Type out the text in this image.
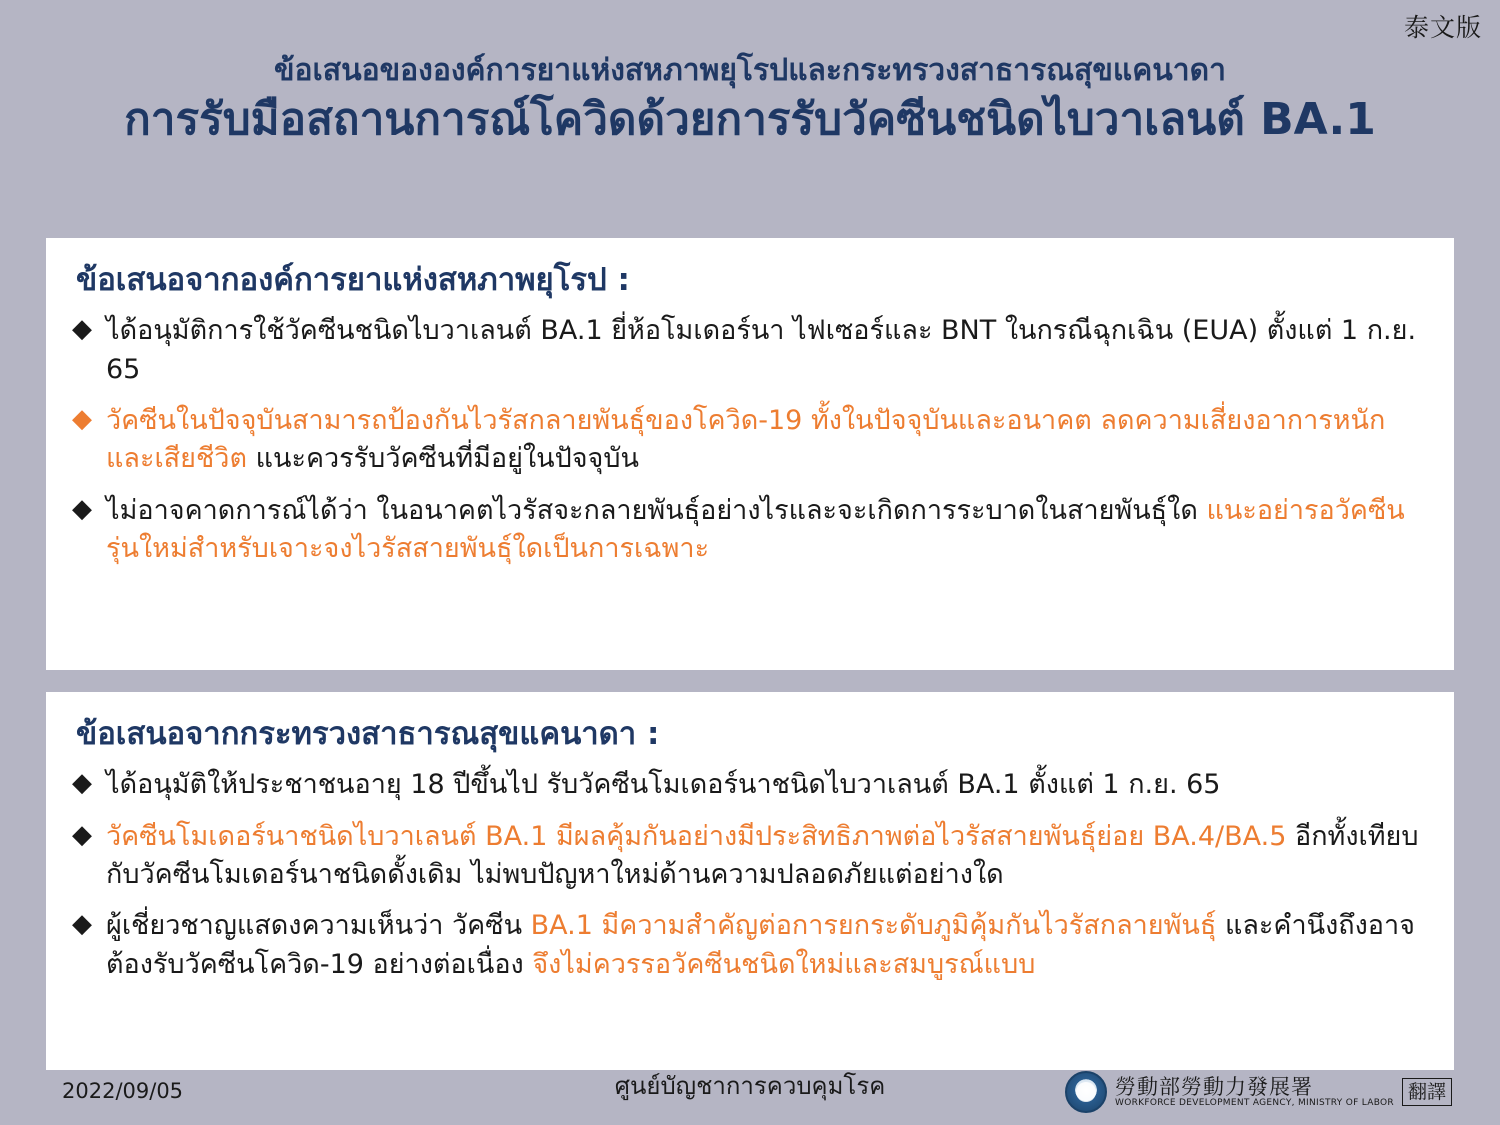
泰文版
ข้อเสนอขององค์การยาแห่งสหภาพยุโรปและกระทรวงสาธารณสุขแคนาดา
การรับมือสถานการณ์โควิดด้วยการรับวัคซีนชนิดไบวาเลนต์ BA.1
ข้อเสนอจากองค์การยาแห่งสหภาพยุโรป :
◆ ได้อนุมัติการใช้วัคซีนชนิดไบวาเลนต์ BA.1 ยี่ห้อโมเดอร์นา ไฟเซอร์และ BNT ในกรณีฉุกเฉิน (EUA) ตั้งแต่ 1 ก.ย. 65
◆ วัคซีนในปัจจุบันสามารถป้องกันไวรัสกลายพันธุ์ของโควิด-19 ทั้งในปัจจุบันและอนาคต ลดความเสี่ยงอาการหนักและเสียชีวิต แนะควรรับวัคซีนที่มีอยู่ในปัจจุบัน
◆ ไม่อาจคาดการณ์ได้ว่า ในอนาคตไวรัสจะกลายพันธุ์อย่างไรและจะเกิดการระบาดในสายพันธุ์ใด แนะอย่ารอวัคซีนรุ่นใหม่สำหรับเจาะจงไวรัสสายพันธุ์ใดเป็นการเฉพาะ
ข้อเสนอจากกระทรวงสาธารณสุขแคนาดา :
◆ ได้อนุมัติให้ประชาชนอายุ 18 ปีขึ้นไป รับวัคซีนโมเดอร์นาชนิดไบวาเลนต์ BA.1 ตั้งแต่ 1 ก.ย. 65
◆ วัคซีนโมเดอร์นาชนิดไบวาเลนต์ BA.1 มีผลคุ้มกันอย่างมีประสิทธิภาพต่อไวรัสสายพันธุ์ย่อย BA.4/BA.5 อีกทั้งเทียบกับวัคซีนโมเดอร์นาชนิดดั้งเดิม ไม่พบปัญหาใหม่ด้านความปลอดภัยแต่อย่างใด
◆ ผู้เชี่ยวชาญแสดงความเห็นว่า วัคซีน BA.1 มีความสำคัญต่อการยกระดับภูมิคุ้มกันไวรัสกลายพันธุ์ และคำนึงถึงอาจต้องรับวัคซีนโควิด-19 อย่างต่อเนื่อง จึงไม่ควรรอวัคซีนชนิดใหม่และสมบูรณ์แบบ
2022/09/05	ศูนย์บัญชาการควบคุมโรค	勞動部勞動力發展署
WORKFORCE DEVELOPMENT AGENCY, MINISTRY OF LABOR 翻譯
